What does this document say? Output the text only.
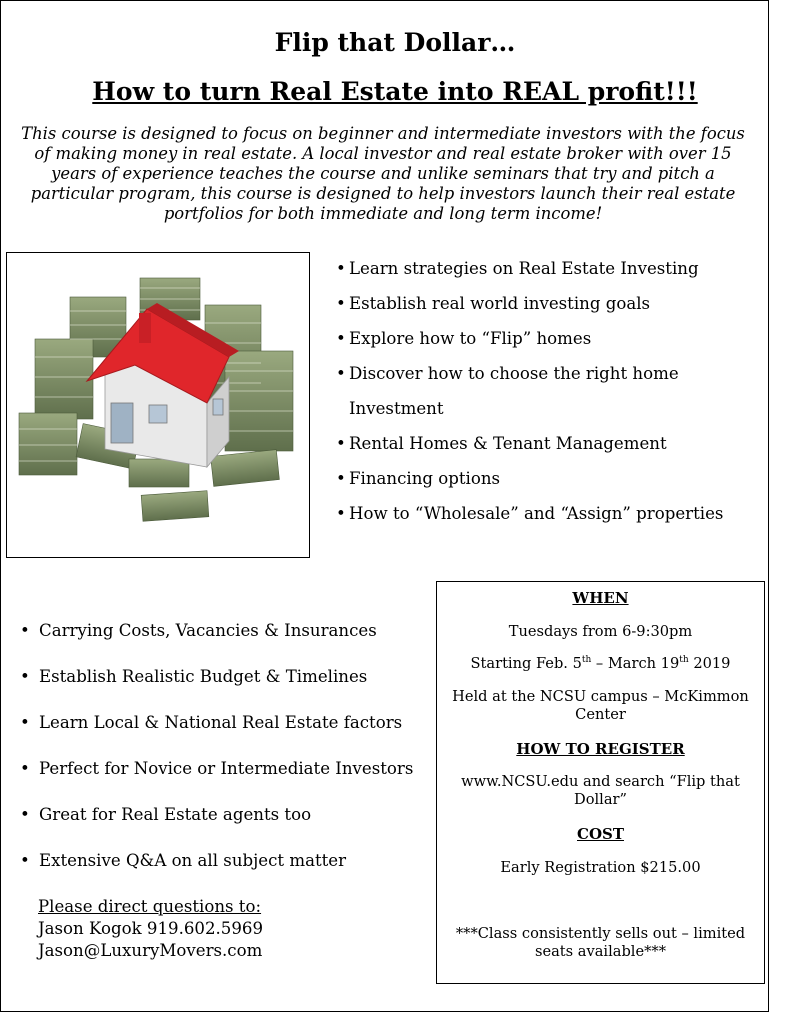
Flip that Dollar…
How to turn Real Estate into REAL profit!!!
This course is designed to focus on beginner and intermediate investors with the focus of making money in real estate. A local investor and real estate broker with over 15 years of experience teaches the course and unlike seminars that try and pitch a particular program, this course is designed to help investors launch their real estate portfolios for both immediate and long term income!
• Learn strategies on Real Estate Investing
• Establish real world investing goals
• Explore how to “Flip” homes
• Discover how to choose the right home Investment
• Rental Homes & Tenant Management
• Financing options
• How to “Wholesale” and “Assign” properties
• Carrying Costs, Vacancies & Insurances
• Establish Realistic Budget & Timelines
• Learn Local & National Real Estate factors
• Perfect for Novice or Intermediate Investors
• Great for Real Estate agents too
• Extensive Q&A on all subject matter
Please direct questions to:
Jason Kogok 919.602.5969
Jason@LuxuryMovers.com
WHEN
Tuesdays from 6-9:30pm
Starting Feb. 5th – March 19th 2019
Held at the NCSU campus – McKimmon
Center
HOW TO REGISTER
www.NCSU.edu and search “Flip that
Dollar”
COST
Early Registration $215.00
***Class consistently sells out – limited
seats available***
